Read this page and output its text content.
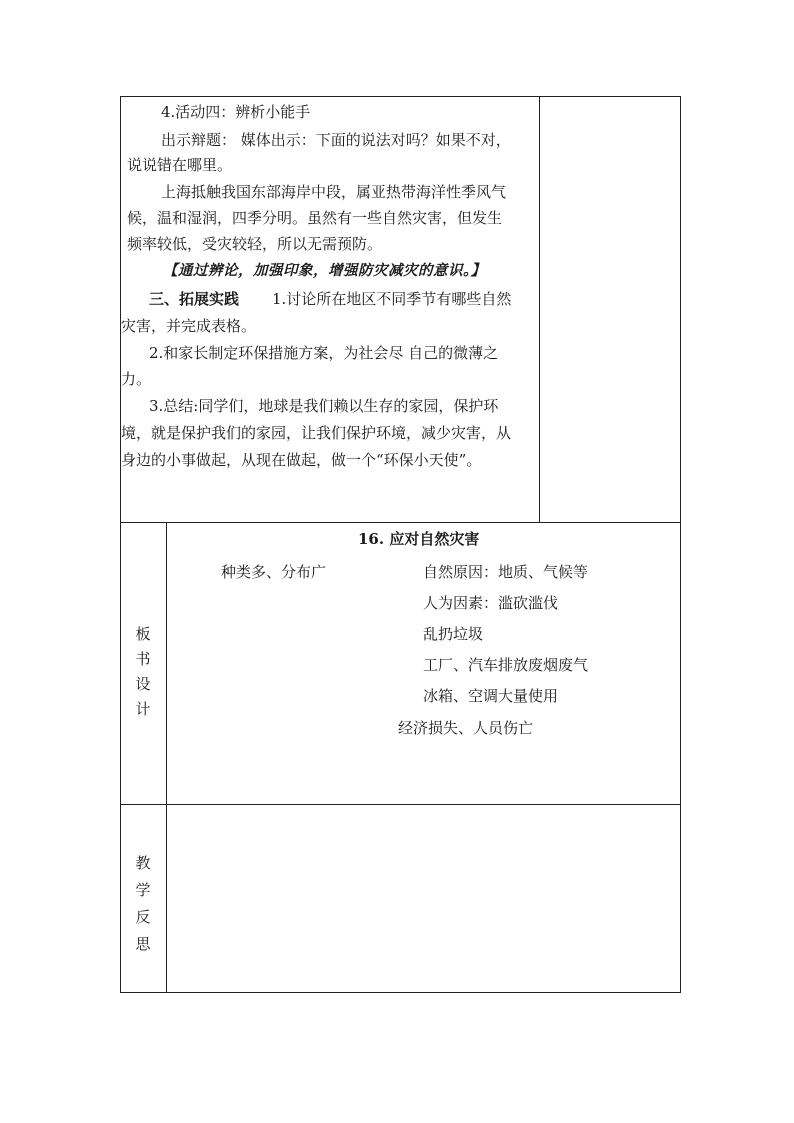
4.活动四：辨析小能手
出示辩题： 媒体出示：下面的说法对吗？如果不对，
说说错在哪里。
上海抵触我国东部海岸中段，属亚热带海洋性季风气
候，温和湿润，四季分明。虽然有一些自然灾害，但发生
频率较低，受灾较轻，所以无需预防。
【通过辨论，加强印象，增强防灾减灾的意识。】
三、拓展实践 1.讨论所在地区不同季节有哪些自然
灾害，并完成表格。
2.和家长制定环保措施方案，为社会尽 自己的微薄之
力。
3.总结:同学们，地球是我们赖以生存的家园，保护环
境，就是保护我们的家园，让我们保护环境，减少灾害，从
身边的小事做起，从现在做起，做一个“环保小天使”。
板
书
设
计
16. 应对自然灾害
种类多、分布广	自然原因：地质、气候等
人为因素：滥砍滥伐
乱扔垃圾
工厂、汽车排放废烟废气
冰箱、空调大量使用
经济损失、人员伤亡
教
学
反
思
